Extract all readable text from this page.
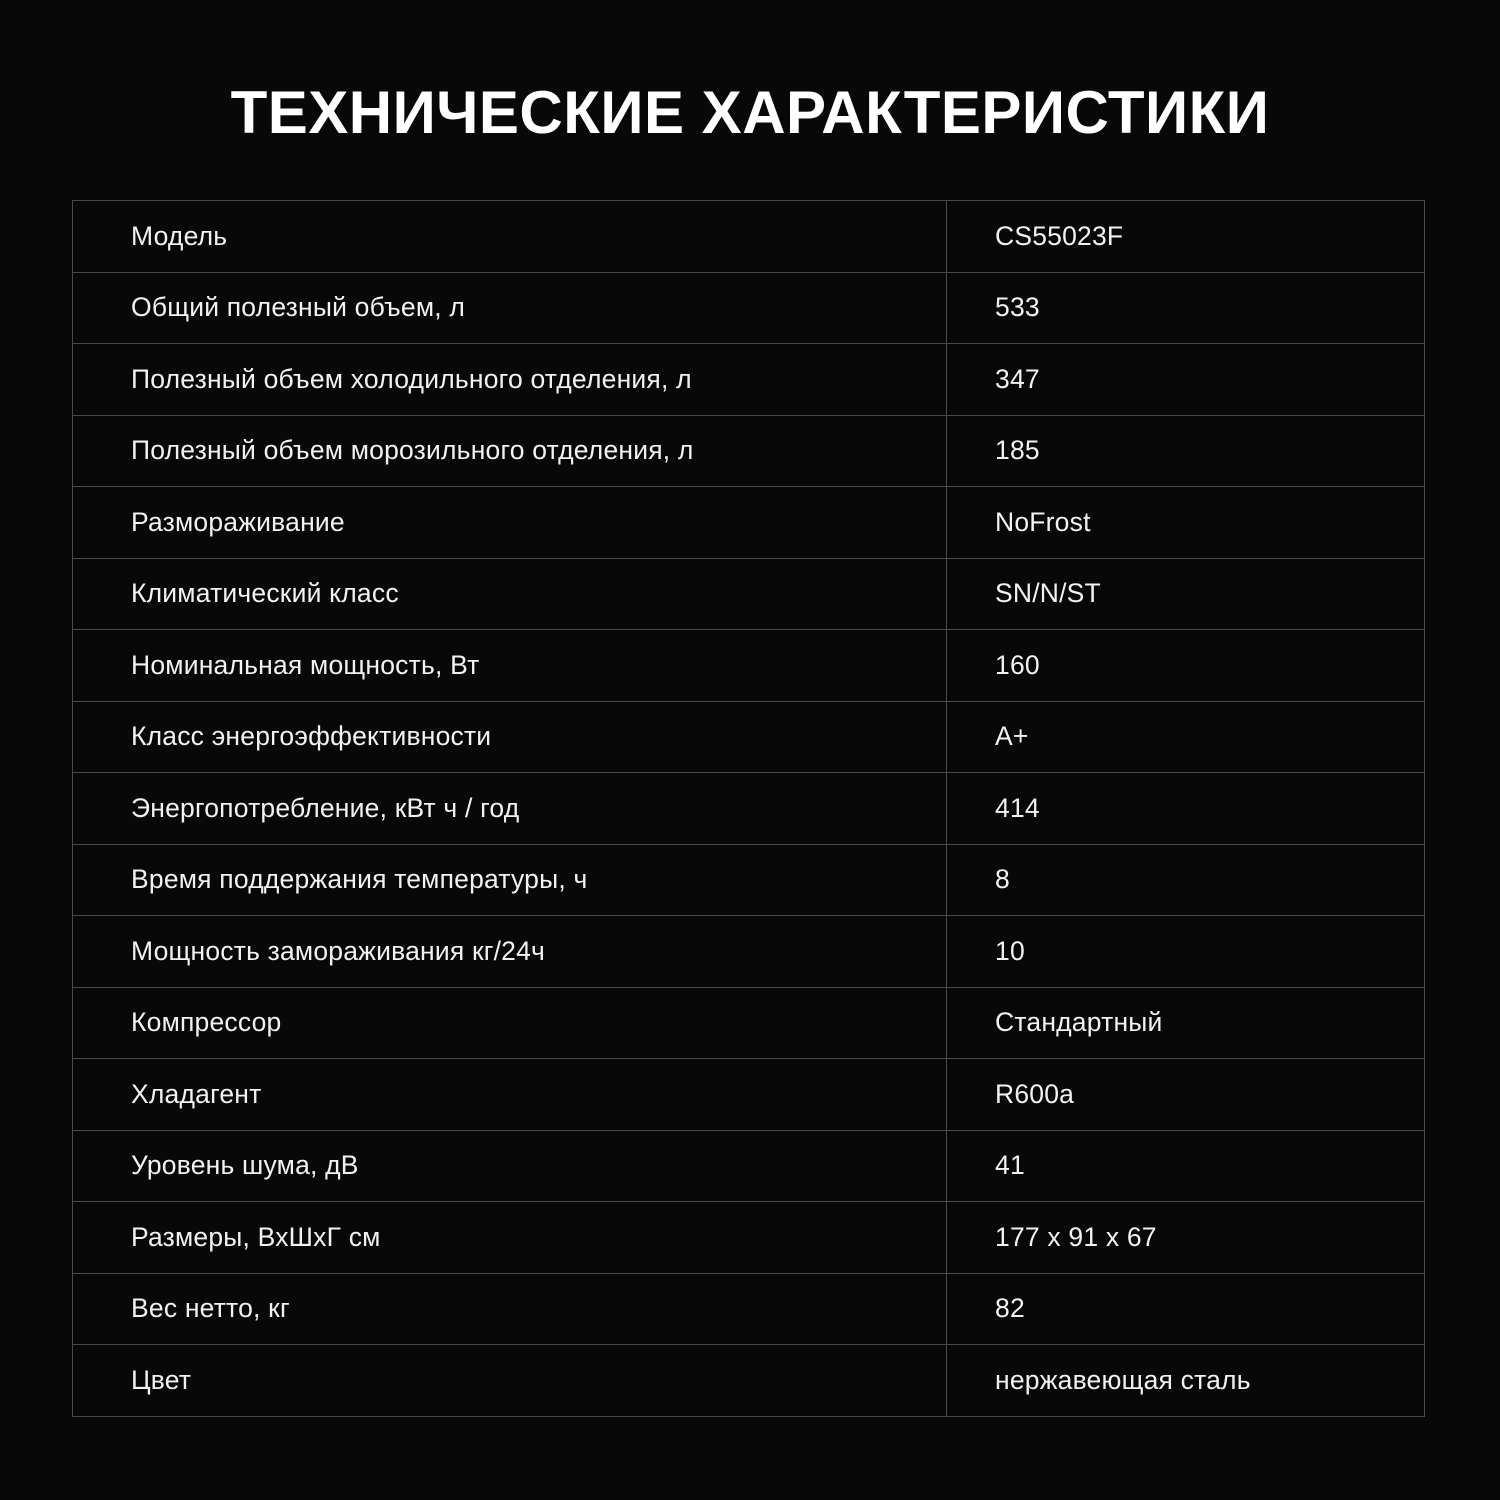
ТЕХНИЧЕСКИЕ ХАРАКТЕРИСТИКИ
Модель	CS55023F
Общий полезный объем, л	533
Полезный объем холодильного отделения, л	347
Полезный объем морозильного отделения, л	185
Размораживание	NoFrost
Климатический класс	SN/N/ST
Номинальная мощность, Вт	160
Класс энергоэффективности	A+
Энергопотребление, кВт ч / год	414
Время поддержания температуры, ч	8
Мощность замораживания кг/24ч	10
Компрессор	Стандартный
Хладагент	R600a
Уровень шума, дВ	41
Размеры, ВхШхГ см	177 x 91 x 67
Вес нетто, кг	82
Цвет	нержавеющая сталь
